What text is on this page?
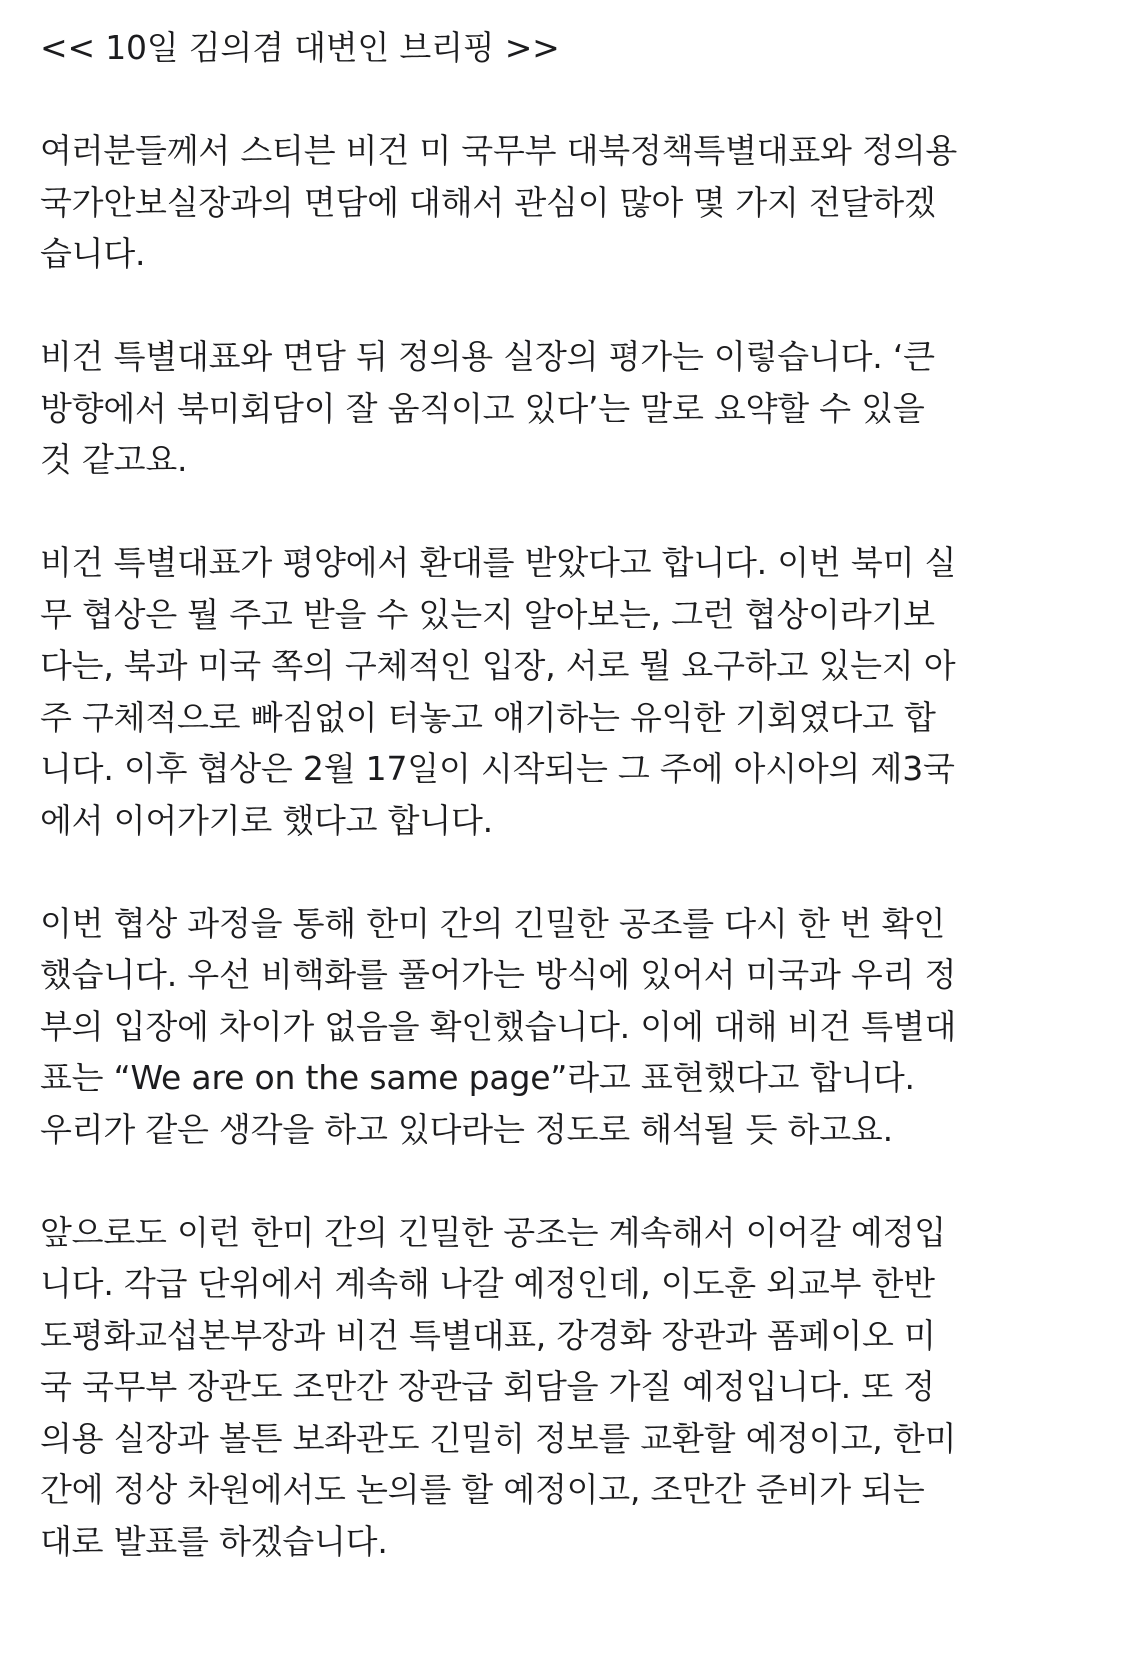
<< 10일 김의겸 대변인 브리핑 >>
여러분들께서 스티븐 비건 미 국무부 대북정책특별대표와 정의용
국가안보실장과의 면담에 대해서 관심이 많아 몇 가지 전달하겠
습니다.
비건 특별대표와 면담 뒤 정의용 실장의 평가는 이렇습니다. ‘큰
방향에서 북미회담이 잘 움직이고 있다’는 말로 요약할 수 있을
것 같고요.
비건 특별대표가 평양에서 환대를 받았다고 합니다. 이번 북미 실
무 협상은 뭘 주고 받을 수 있는지 알아보는, 그런 협상이라기보
다는, 북과 미국 쪽의 구체적인 입장, 서로 뭘 요구하고 있는지 아
주 구체적으로 빠짐없이 터놓고 얘기하는 유익한 기회였다고 합
니다. 이후 협상은 2월 17일이 시작되는 그 주에 아시아의 제3국
에서 이어가기로 했다고 합니다.
이번 협상 과정을 통해 한미 간의 긴밀한 공조를 다시 한 번 확인
했습니다. 우선 비핵화를 풀어가는 방식에 있어서 미국과 우리 정
부의 입장에 차이가 없음을 확인했습니다. 이에 대해 비건 특별대
표는 “We are on the same page”라고 표현했다고 합니다.
우리가 같은 생각을 하고 있다라는 정도로 해석될 듯 하고요.
앞으로도 이런 한미 간의 긴밀한 공조는 계속해서 이어갈 예정입
니다. 각급 단위에서 계속해 나갈 예정인데, 이도훈 외교부 한반
도평화교섭본부장과 비건 특별대표, 강경화 장관과 폼페이오 미
국 국무부 장관도 조만간 장관급 회담을 가질 예정입니다. 또 정
의용 실장과 볼튼 보좌관도 긴밀히 정보를 교환할 예정이고, 한미
간에 정상 차원에서도 논의를 할 예정이고, 조만간 준비가 되는
대로 발표를 하겠습니다.
